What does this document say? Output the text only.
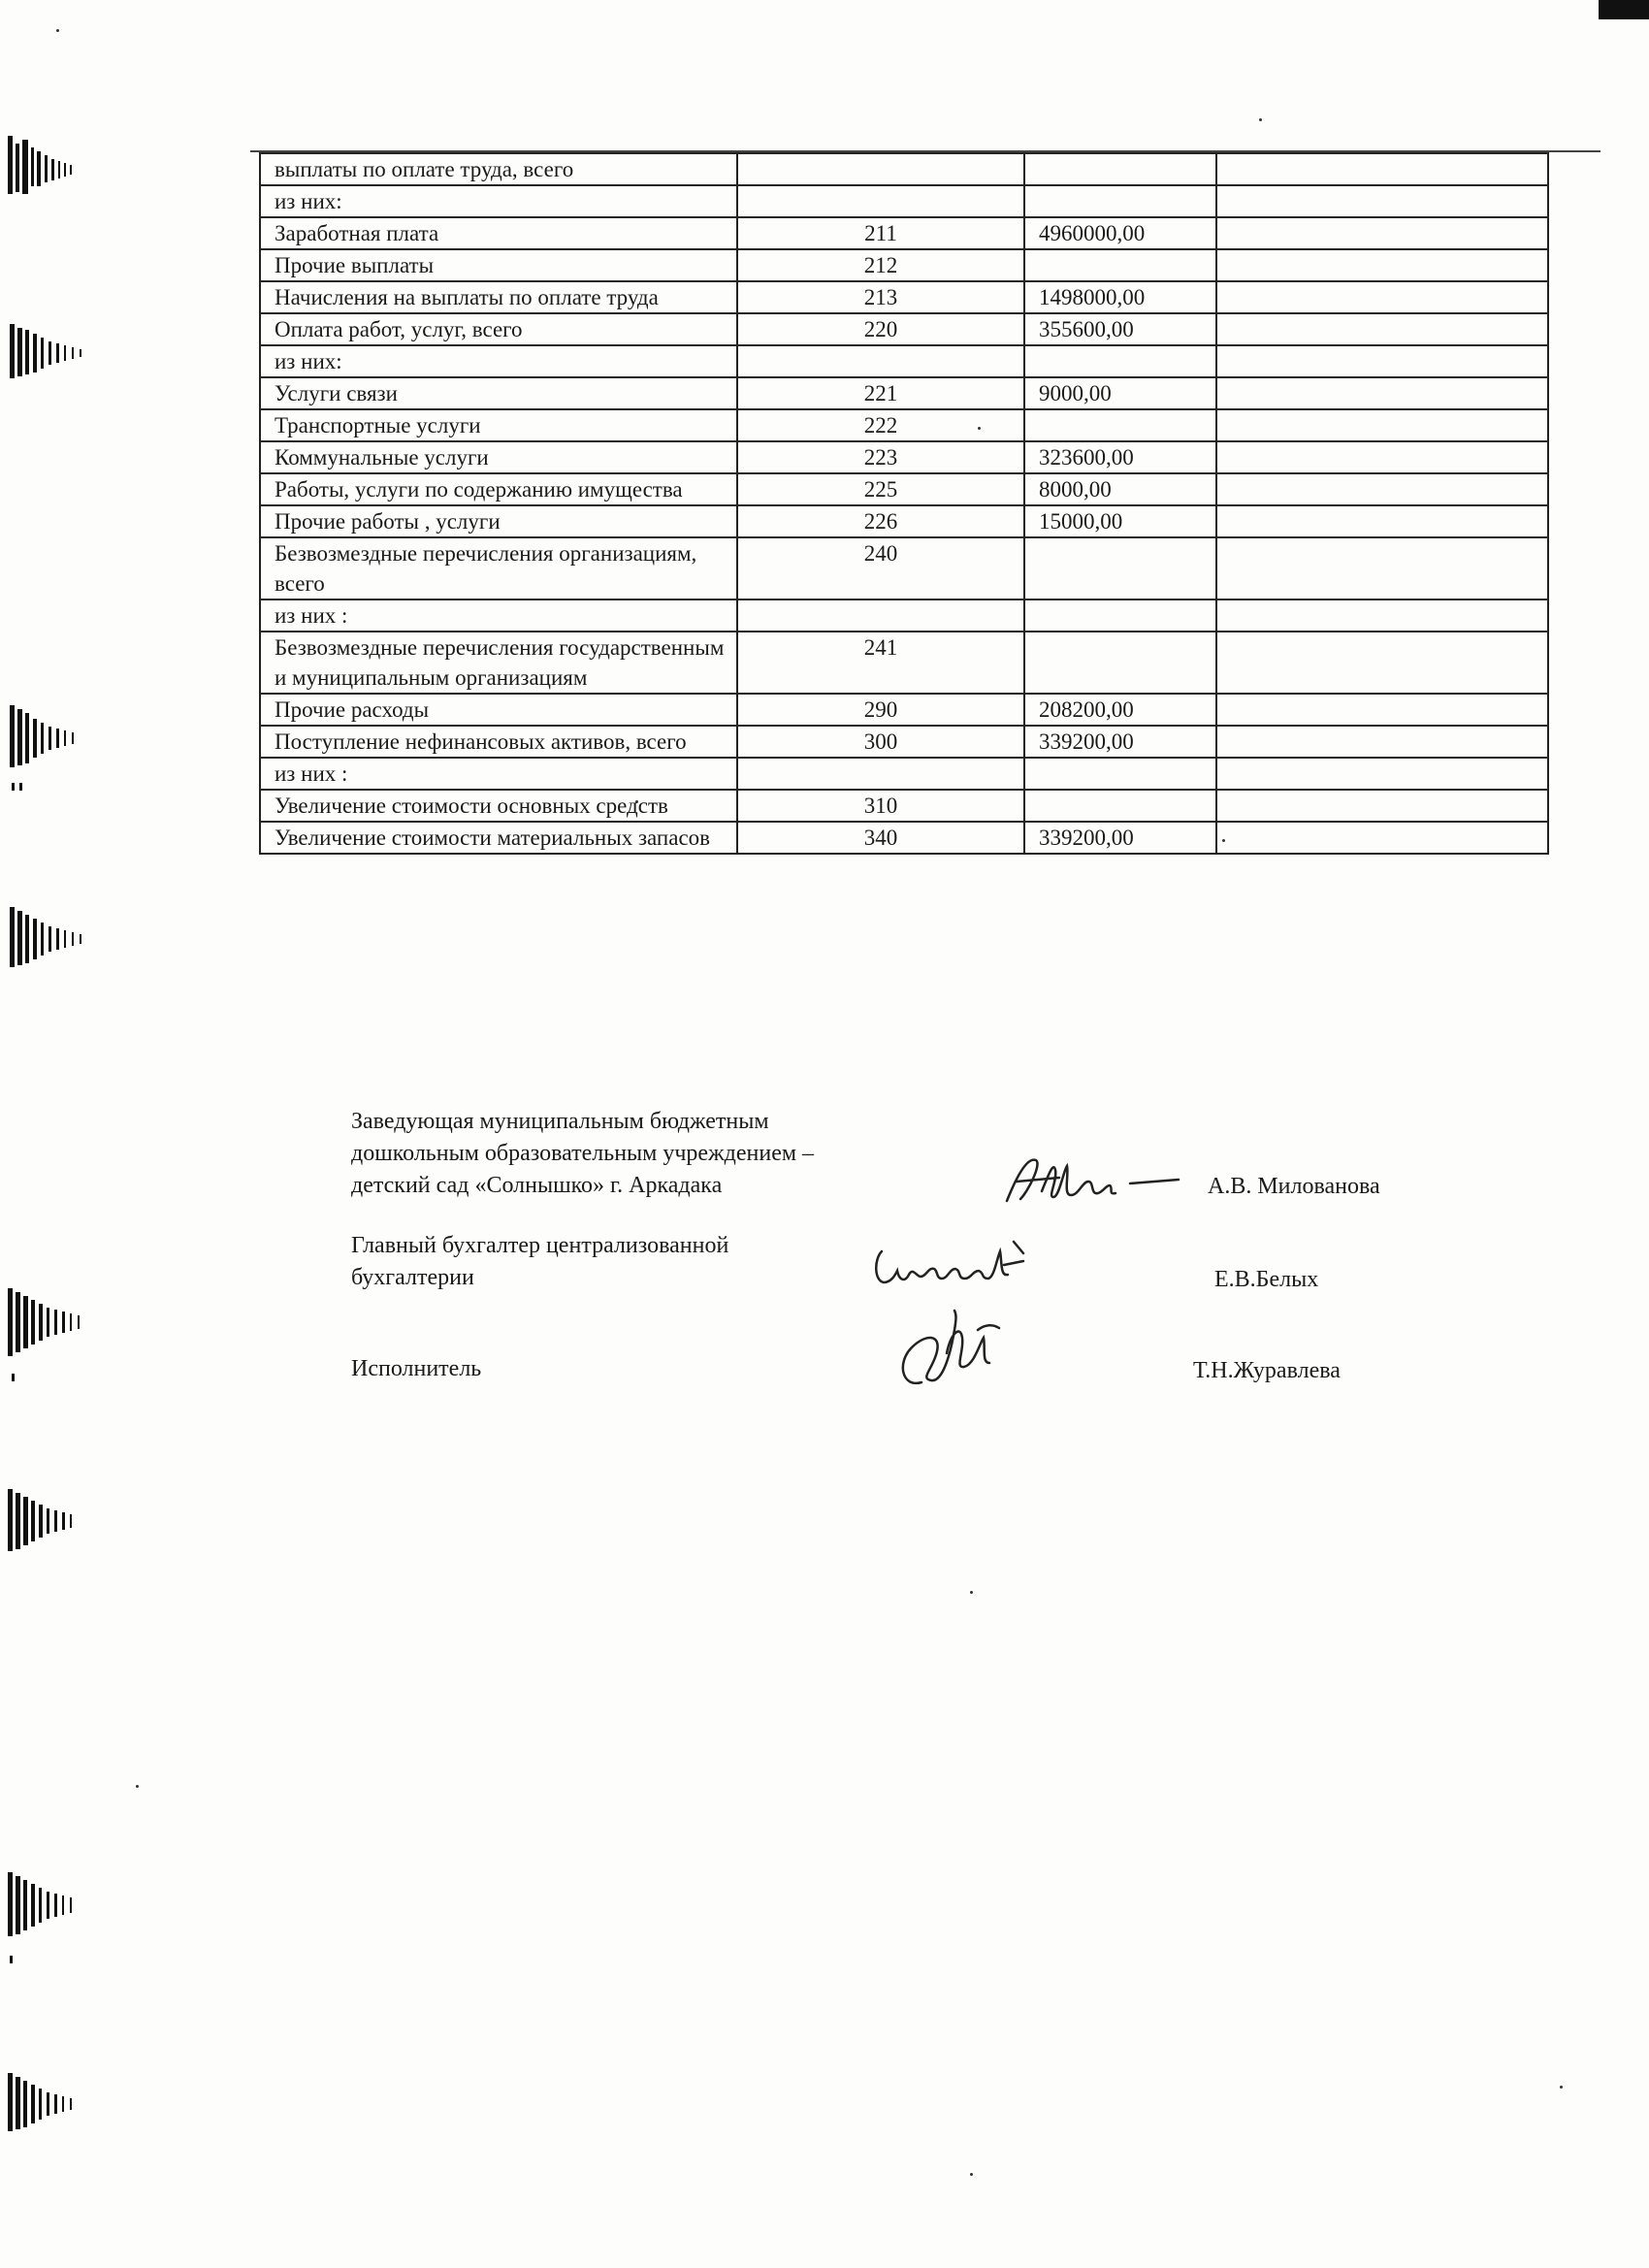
выплаты по оплате труда, всего			
из них:			
Заработная плата	211	4960000,00	
Прочие выплаты	212		
Начисления на выплаты по оплате труда	213	1498000,00	
Оплата работ, услуг, всего	220	355600,00	
из них:			
Услуги связи	221	9000,00	
Транспортные услуги	222		
Коммунальные услуги	223	323600,00	
Работы, услуги по содержанию имущества	225	8000,00	
Прочие работы , услуги	226	15000,00	
Безвозмездные перечисления организациям, всего	240		
из них :			
Безвозмездные перечисления государственным и муниципальным организациям	241		
Прочие расходы	290	208200,00	
Поступление нефинансовых активов, всего	300	339200,00	
из них :			
Увеличение стоимости основных средств	310		
Увеличение стоимости материальных запасов	340	339200,00	
Заведующая муниципальным бюджетным
дошкольным образовательным учреждением –
детский сад «Солнышко» г. Аркадака	А.В. Милованова
Главный бухгалтер централизованной
бухгалтерии	Е.В.Белых
Исполнитель	Т.Н.Журавлева
